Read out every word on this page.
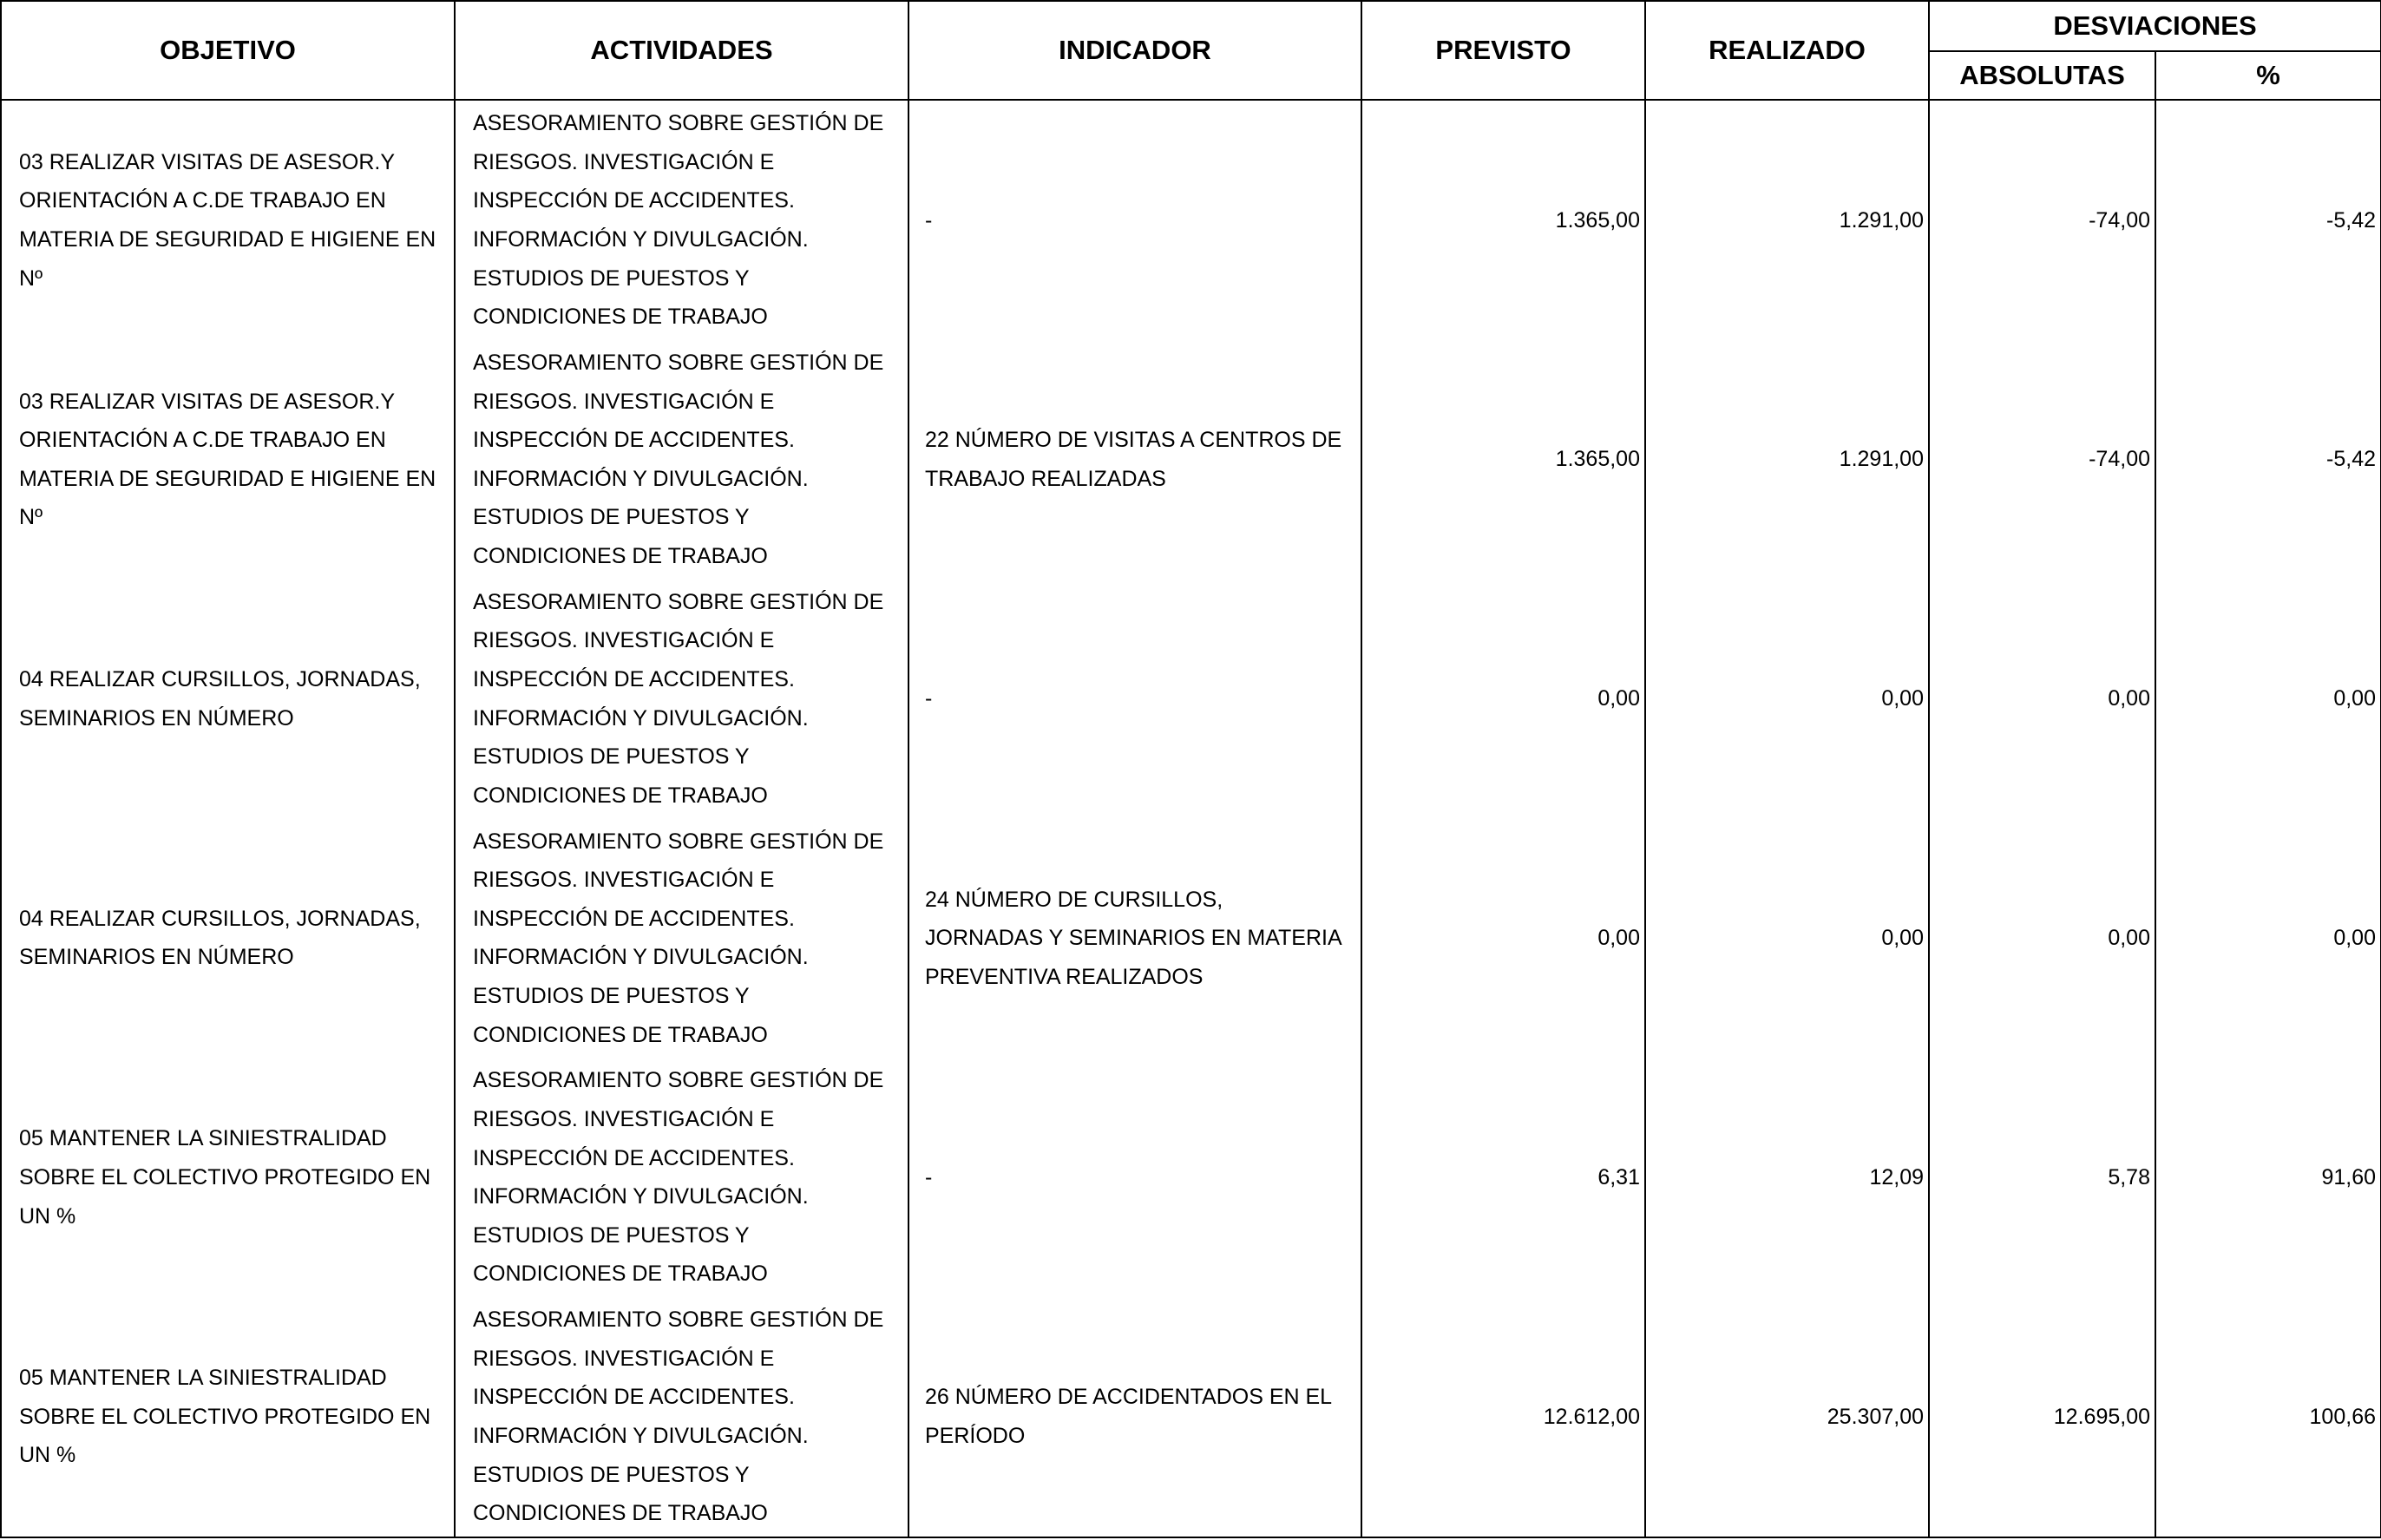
OBJETIVO	ACTIVIDADES	INDICADOR	PREVISTO	REALIZADO	DESVIACIONES	
					ABSOLUTAS	%
03 REALIZAR VISITAS DE ASESOR.Y ORIENTACIÓN A C.DE TRABAJO EN MATERIA DE SEGURIDAD E HIGIENE EN Nº	ASESORAMIENTO SOBRE GESTIÓN DE RIESGOS. INVESTIGACIÓN E INSPECCIÓN DE ACCIDENTES. INFORMACIÓN Y DIVULGACIÓN. ESTUDIOS DE PUESTOS Y CONDICIONES DE TRABAJO	-	1.365,00	1.291,00	-74,00	-5,42
03 REALIZAR VISITAS DE ASESOR.Y ORIENTACIÓN A C.DE TRABAJO EN MATERIA DE SEGURIDAD E HIGIENE EN Nº	ASESORAMIENTO SOBRE GESTIÓN DE RIESGOS. INVESTIGACIÓN E INSPECCIÓN DE ACCIDENTES. INFORMACIÓN Y DIVULGACIÓN. ESTUDIOS DE PUESTOS Y CONDICIONES DE TRABAJO	22 NÚMERO DE VISITAS A CENTROS DE TRABAJO REALIZADAS	1.365,00	1.291,00	-74,00	-5,42
04 REALIZAR CURSILLOS, JORNADAS, SEMINARIOS EN NÚMERO	ASESORAMIENTO SOBRE GESTIÓN DE RIESGOS. INVESTIGACIÓN E INSPECCIÓN DE ACCIDENTES. INFORMACIÓN Y DIVULGACIÓN. ESTUDIOS DE PUESTOS Y CONDICIONES DE TRABAJO	-	0,00	0,00	0,00	0,00
04 REALIZAR CURSILLOS, JORNADAS, SEMINARIOS EN NÚMERO	ASESORAMIENTO SOBRE GESTIÓN DE RIESGOS. INVESTIGACIÓN E INSPECCIÓN DE ACCIDENTES. INFORMACIÓN Y DIVULGACIÓN. ESTUDIOS DE PUESTOS Y CONDICIONES DE TRABAJO	24 NÚMERO DE CURSILLOS, JORNADAS Y SEMINARIOS EN MATERIA PREVENTIVA REALIZADOS	0,00	0,00	0,00	0,00
05 MANTENER LA SINIESTRALIDAD SOBRE EL COLECTIVO PROTEGIDO EN UN %	ASESORAMIENTO SOBRE GESTIÓN DE RIESGOS. INVESTIGACIÓN E INSPECCIÓN DE ACCIDENTES. INFORMACIÓN Y DIVULGACIÓN. ESTUDIOS DE PUESTOS Y CONDICIONES DE TRABAJO	-	6,31	12,09	5,78	91,60
05 MANTENER LA SINIESTRALIDAD SOBRE EL COLECTIVO PROTEGIDO EN UN %	ASESORAMIENTO SOBRE GESTIÓN DE RIESGOS. INVESTIGACIÓN E INSPECCIÓN DE ACCIDENTES. INFORMACIÓN Y DIVULGACIÓN. ESTUDIOS DE PUESTOS Y CONDICIONES DE TRABAJO	26 NÚMERO DE ACCIDENTADOS EN EL PERÍODO	12.612,00	25.307,00	12.695,00	100,66
